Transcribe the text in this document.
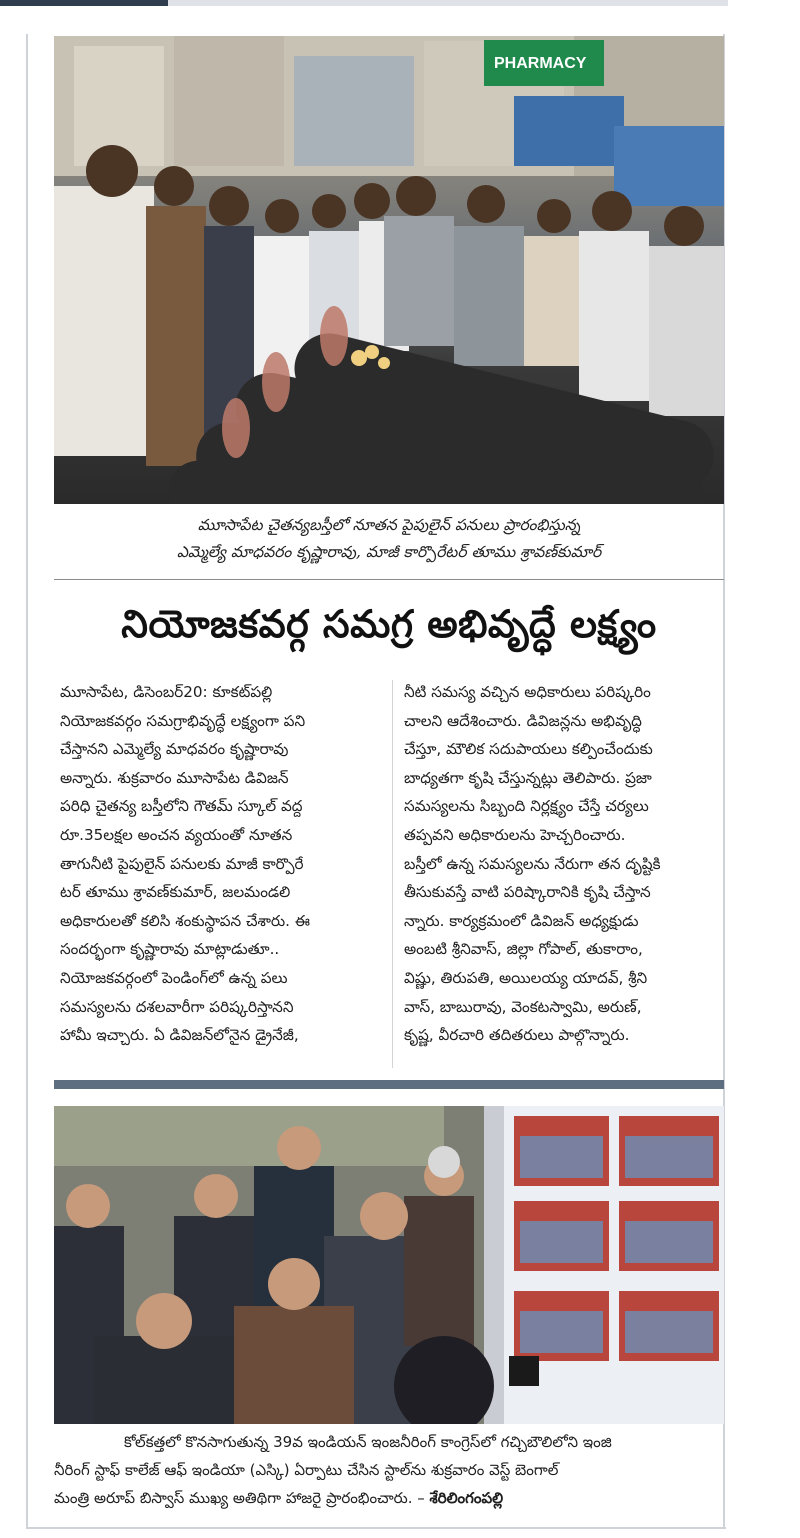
PHARMACY
మూసాపేట చైతన్యబస్తీలో నూతన పైపులైన్ పనులు ప్రారంభిస్తున్న
ఎమ్మెల్యే మాధవరం కృష్ణారావు, మాజీ కార్పొరేటర్ తూము శ్రావణ్‌కుమార్
నియోజకవర్గ సమగ్ర అభివృద్ధే లక్ష్యం

మూసాపేట, డిసెంబర్20: కూకట్‌పల్లి

నియోజకవర్గం సమగ్రాభివృద్ధే లక్ష్యంగా పని

చేస్తానని ఎమ్మెల్యే మాధవరం కృష్ణారావు

అన్నారు. శుక్రవారం మూసాపేట డివిజన్

పరిధి చైతన్య బస్తీలోని గౌతమ్ స్కూల్ వద్ద

రూ.35లక్షల అంచన వ్యయంతో నూతన

తాగునీటి పైపులైన్ పనులకు మాజీ కార్పొరే

టర్ తూము శ్రావణ్‌కుమార్, జలమండలి

అధికారులతో కలిసి శంకుస్థాపన చేశారు. ఈ

సందర్భంగా కృష్ణారావు మాట్లాడుతూ..

నియోజకవర్గంలో పెండింగ్‌లో ఉన్న పలు

సమస్యలను దశలవారీగా పరిష్కరిస్తానని

హామీ ఇచ్చారు. ఏ డివిజన్‌లోనైన డ్రైనేజీ,

నీటి సమస్య వచ్చిన అధికారులు పరిష్కరిం

చాలని ఆదేశించారు. డివిజన్లను అభివృద్ధి

చేస్తూ, మౌలిక సదుపాయలు కల్పించేందుకు

బాధ్యతగా కృషి చేస్తున్నట్లు తెలిపారు. ప్రజా

సమస్యలను సిబ్బంది నిర్లక్ష్యం చేస్తే చర్యలు

తప్పవని అధికారులను హెచ్చరించారు.

బస్తీలో ఉన్న సమస్యలను నేరుగా తన దృష్టికి

తీసుకువస్తే వాటి పరిష్కారానికి కృషి చేస్తాన

న్నారు. కార్యక్రమంలో డివిజన్ అధ్యక్షుడు

అంబటి శ్రీనివాస్, జిల్లా గోపాల్, తుకారాం,

విష్ణు, తిరుపతి, అయిలయ్య యాదవ్, శ్రీని

వాస్, బాబురావు, వెంకటస్వామి, అరుణ్,

కృష్ణ, వీరచారి తదితరులు పాల్గొన్నారు.

కోల్‌కత్తలో కొనసాగుతున్న 39వ ఇండియన్ ఇంజనీరింగ్ కాంగ్రెస్‌లో గచ్చిబౌలిలోని ఇంజి

నీరింగ్ స్టాఫ్ కాలేజ్ ఆఫ్ ఇండియా (ఎస్కి) ఏర్పాటు చేసిన స్టాల్‌ను శుక్రవారం వెస్ట్ బెంగాల్

మంత్రి అరూప్ బిస్వాస్ ముఖ్య అతిథిగా హాజరై ప్రారంభించారు. – శేరిలింగంపల్లి
